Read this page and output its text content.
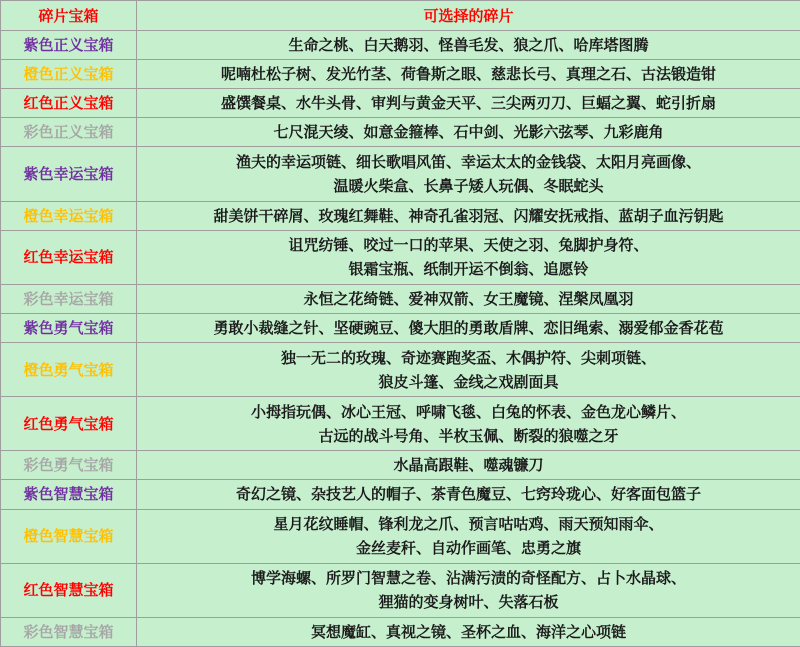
碎片宝箱	可选择的碎片
紫色正义宝箱	生命之桃、白天鹅羽、怪兽毛发、狼之爪、哈库塔图腾

橙色正义宝箱	呢喃杜松子树、发光竹茎、荷鲁斯之眼、慈悲长弓、真理之石、古法锻造钳

红色正义宝箱	盛馔餐桌、水牛头骨、审判与黄金天平、三尖两刃刀、巨蝠之翼、蛇引折扇

彩色正义宝箱	七尺混天绫、如意金箍棒、石中剑、光影六弦琴、九彩鹿角

紫色幸运宝箱	渔夫的幸运项链、细长歌唱风笛、幸运太太的金钱袋、太阳月亮画像、
温暖火柴盒、长鼻子矮人玩偶、冬眠蛇头

橙色幸运宝箱	甜美饼干碎屑、玫瑰红舞鞋、神奇孔雀羽冠、闪耀安抚戒指、蓝胡子血污钥匙

红色幸运宝箱	诅咒纺锤、咬过一口的苹果、天使之羽、兔脚护身符、
银霜宝瓶、纸制开运不倒翁、追愿铃

彩色幸运宝箱	永恒之花绮链、爱神双箭、女王魔镜、涅槃凤凰羽

紫色勇气宝箱	勇敢小裁缝之针、坚硬豌豆、傻大胆的勇敢盾牌、恋旧绳索、溺爱郁金香花苞

橙色勇气宝箱	独一无二的玫瑰、奇迹赛跑奖盃、木偶护符、尖刺项链、
狼皮斗篷、金线之戏剧面具

红色勇气宝箱	小拇指玩偶、冰心王冠、呼啸飞毯、白兔的怀表、金色龙心鳞片、
古远的战斗号角、半枚玉佩、断裂的狼噬之牙

彩色勇气宝箱	水晶高跟鞋、噬魂镰刀

紫色智慧宝箱	奇幻之镜、杂技艺人的帽子、茶青色魔豆、七窍玲珑心、好客面包篮子

橙色智慧宝箱	星月花纹睡帽、锋利龙之爪、预言咕咕鸡、雨天预知雨伞、
金丝麦秆、自动作画笔、忠勇之旗

红色智慧宝箱	博学海螺、所罗门智慧之卷、沾满污渍的奇怪配方、占卜水晶球、
狸猫的变身树叶、失落石板

彩色智慧宝箱	冥想魔缸、真视之镜、圣杯之血、海洋之心项链
